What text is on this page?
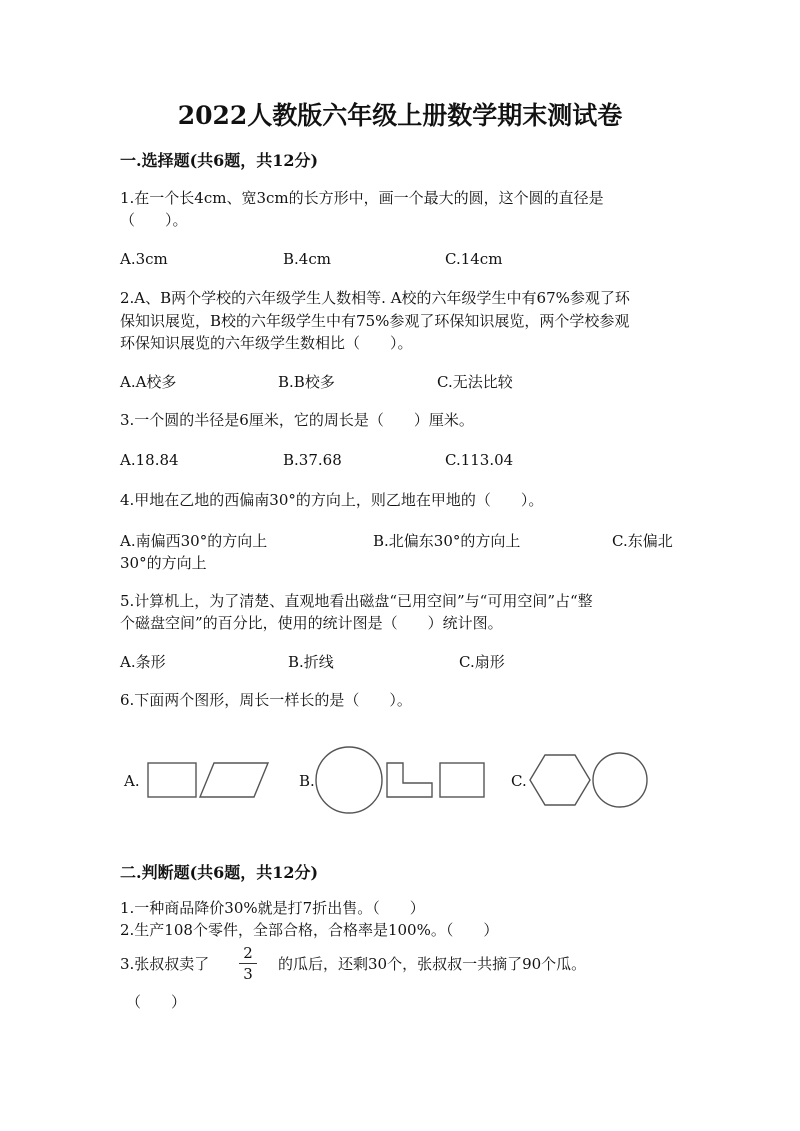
2022人教版六年级上册数学期末测试卷
一.选择题(共6题，共12分)
1.在一个长4cm、宽3cm的长方形中，画一个最大的圆，这个圆的直径是
（　　）。
A.3cm	B.4cm	C.14cm
2.A、B两个学校的六年级学生人数相等. A校的六年级学生中有67%参观了环
保知识展览，B校的六年级学生中有75%参观了环保知识展览，两个学校参观
环保知识展览的六年级学生数相比（　　）。
A.A校多	B.B校多	C.无法比较
3.一个圆的半径是6厘米，它的周长是（　　）厘米。
A.18.84	B.37.68	C.113.04
4.甲地在乙地的西偏南30°的方向上，则乙地在甲地的（　　）。
A.南偏西30°的方向上	B.北偏东30°的方向上	C.东偏北
30°的方向上
5.计算机上，为了清楚、直观地看出磁盘“已用空间”与“可用空间”占“整
个磁盘空间”的百分比，使用的统计图是（　　）统计图。
A.条形	B.折线	C.扇形
6.下面两个图形，周长一样长的是（　　）。
A.	B.	C.
二.判断题(共6题，共12分)
1.一种商品降价30%就是打7折出售。（　　）
2.生产108个零件，全部合格，合格率是100%。（　　）
3.张叔叔卖了
2
3
的瓜后，还剩30个，张叔叔一共摘了90个瓜。
（　　）
